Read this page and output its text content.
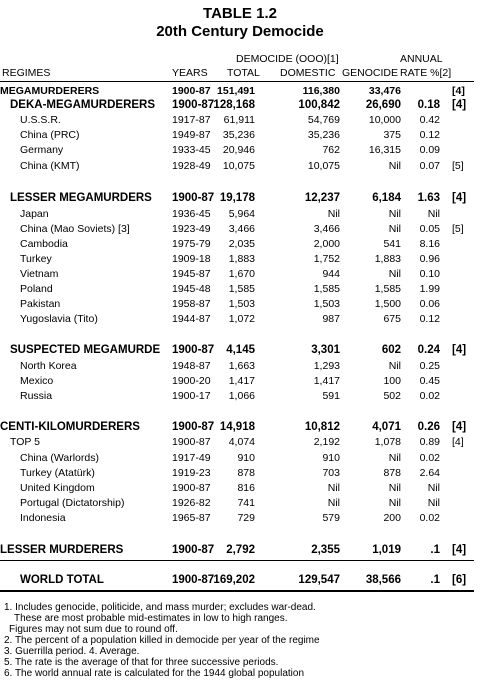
TABLE 1.2
20th Century Democide
DEMOCIDE (OOO)[1]	ANNUAL
REGIMES	YEARS TOTAL DOMESTIC GENOCIDE RATE %[2]
MEGAMURDERERS	1900-87 151,491	116,380	33,476	[4]
DEKA-MEGAMURDERERS 1900-87 128,168	100,842 26,690 0.18 [4]
U.S.S.R.	1917-87 61,911	54,769	10,000 0.42
China (PRC)	1949-87 35,236	35,236	375 0.12
Germany	1933-45 20,946	762	16,315 0.09
China (KMT)	1928-49 10,075	10,075	Nil 0.07 [5]
LESSER MEGAMURDERS 1900-87 19,178	12,237	6,184 1.63 [4]
Japan	1936-45 5,964	Nil	Nil	Nil
China (Mao Soviets) [3]	1923-49 3,466	3,466	Nil 0.05 [5]
Cambodia	1975-79 2,035	2,000	541 8.16
Turkey	1909-18 1,883	1,752	1,883 0.96
Vietnam	1945-87 1,670	944	Nil 0.10
Poland	1945-48 1,585	1,585	1,585 1.99
Pakistan	1958-87 1,503	1,503	1,500 0.06
Yugoslavia (Tito)	1944-87 1,072	987	675 0.12
SUSPECTED MEGAMURDE 1900-87 4,145	3,301	602 0.24 [4]
North Korea	1948-87 1,663	1,293	Nil 0.25
Mexico	1900-20 1,417	1,417	100 0.45
Russia	1900-17 1,066	591	502 0.02
CENTI-KILOMURDERERS	1900-87 14,918	10,812	4,071 0.26 [4]
TOP 5	1900-87 4,074	2,192	1,078 0.89 [4]
China (Warlords)	1917-49	910	910	Nil 0.02
Turkey (Atatürk)	1919-23	878	703	878 2.64
United Kingdom	1900-87	816	Nil	Nil	Nil
Portugal (Dictatorship)	1926-82	741	Nil	Nil	Nil
Indonesia	1965-87	729	579	200 0.02
LESSER MURDERERS	1900-87 2,792	2,355	1,019	.1 [4]
WORLD TOTAL	1900-87 169,202	129,547 38,566	.1 [6]
1. Includes genocide, politicide, and mass murder; excludes war-dead.
These are most probable mid-estimates in low to high ranges.
Figures may not sum due to round off.
2. The percent of a population killed in democide per year of the regime
3. Guerrilla period. 4. Average.
5. The rate is the average of that for three successive periods.
6. The world annual rate is calculated for the 1944 global population
